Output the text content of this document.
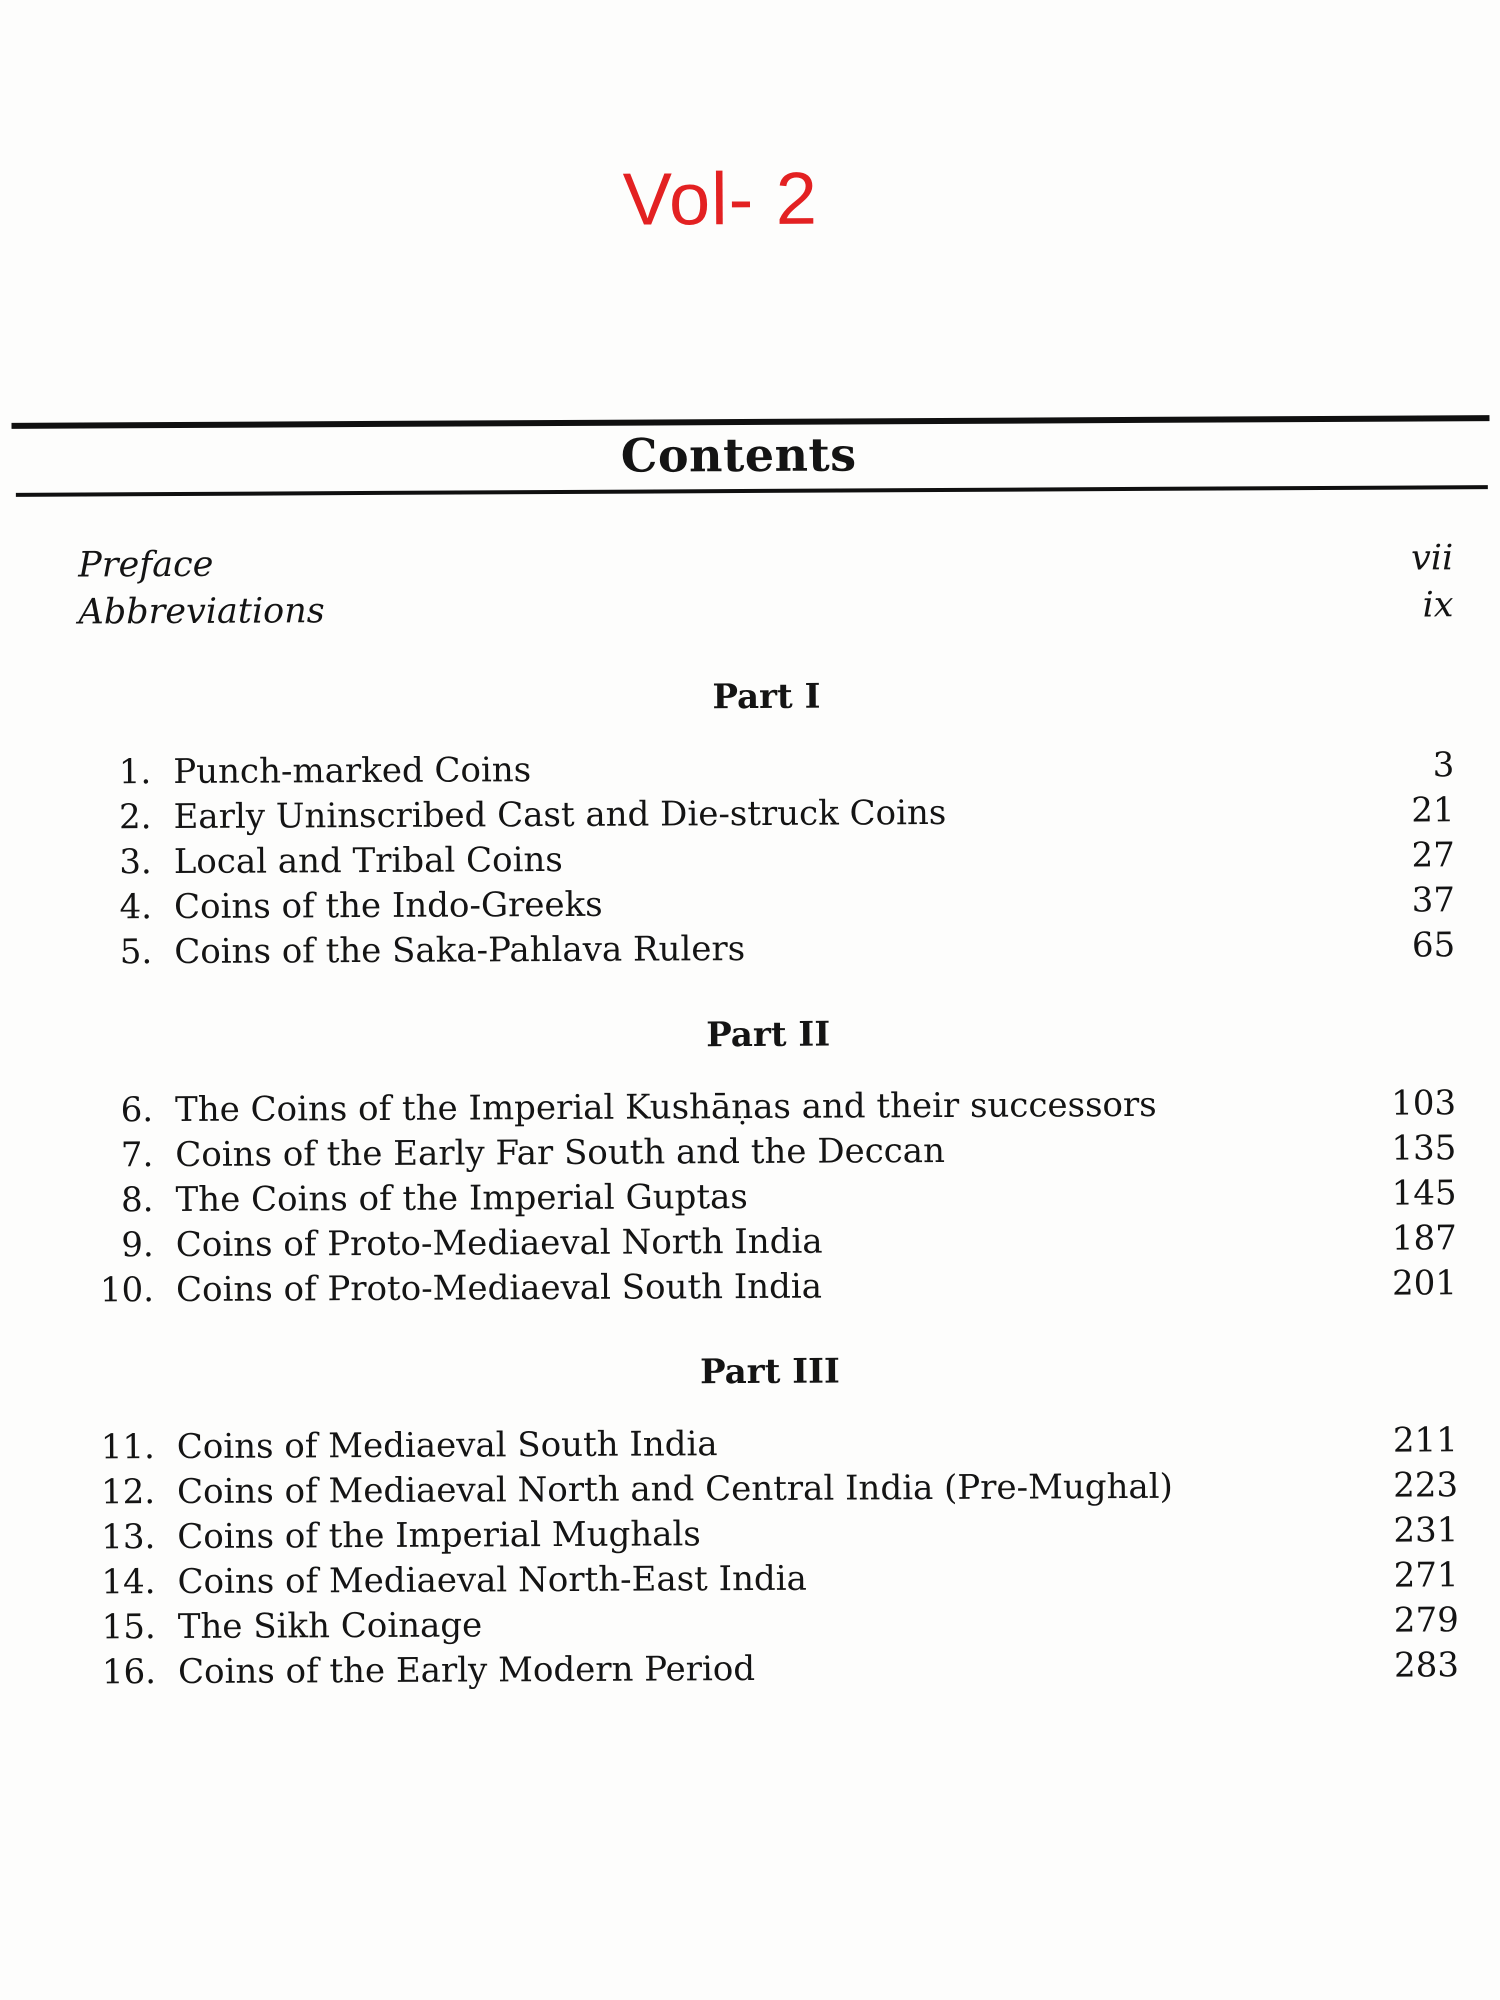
Vol- 2
Contents
Preface	vii
Abbreviations	ix
Part I
1. Punch-marked Coins	3
2. Early Uninscribed Cast and Die-struck Coins	21
3. Local and Tribal Coins	27
4. Coins of the Indo-Greeks	37
5. Coins of the Saka-Pahlava Rulers	65
Part II
6. The Coins of the Imperial Kushāṇas and their successors	103
7. Coins of the Early Far South and the Deccan	135
8. The Coins of the Imperial Guptas	145
9. Coins of Proto-Mediaeval North India	187
10. Coins of Proto-Mediaeval South India	201
Part III
11. Coins of Mediaeval South India	211
12. Coins of Mediaeval North and Central India (Pre-Mughal)	223
13. Coins of the Imperial Mughals	231
14. Coins of Mediaeval North-East India	271
15. The Sikh Coinage	279
16. Coins of the Early Modern Period	283
